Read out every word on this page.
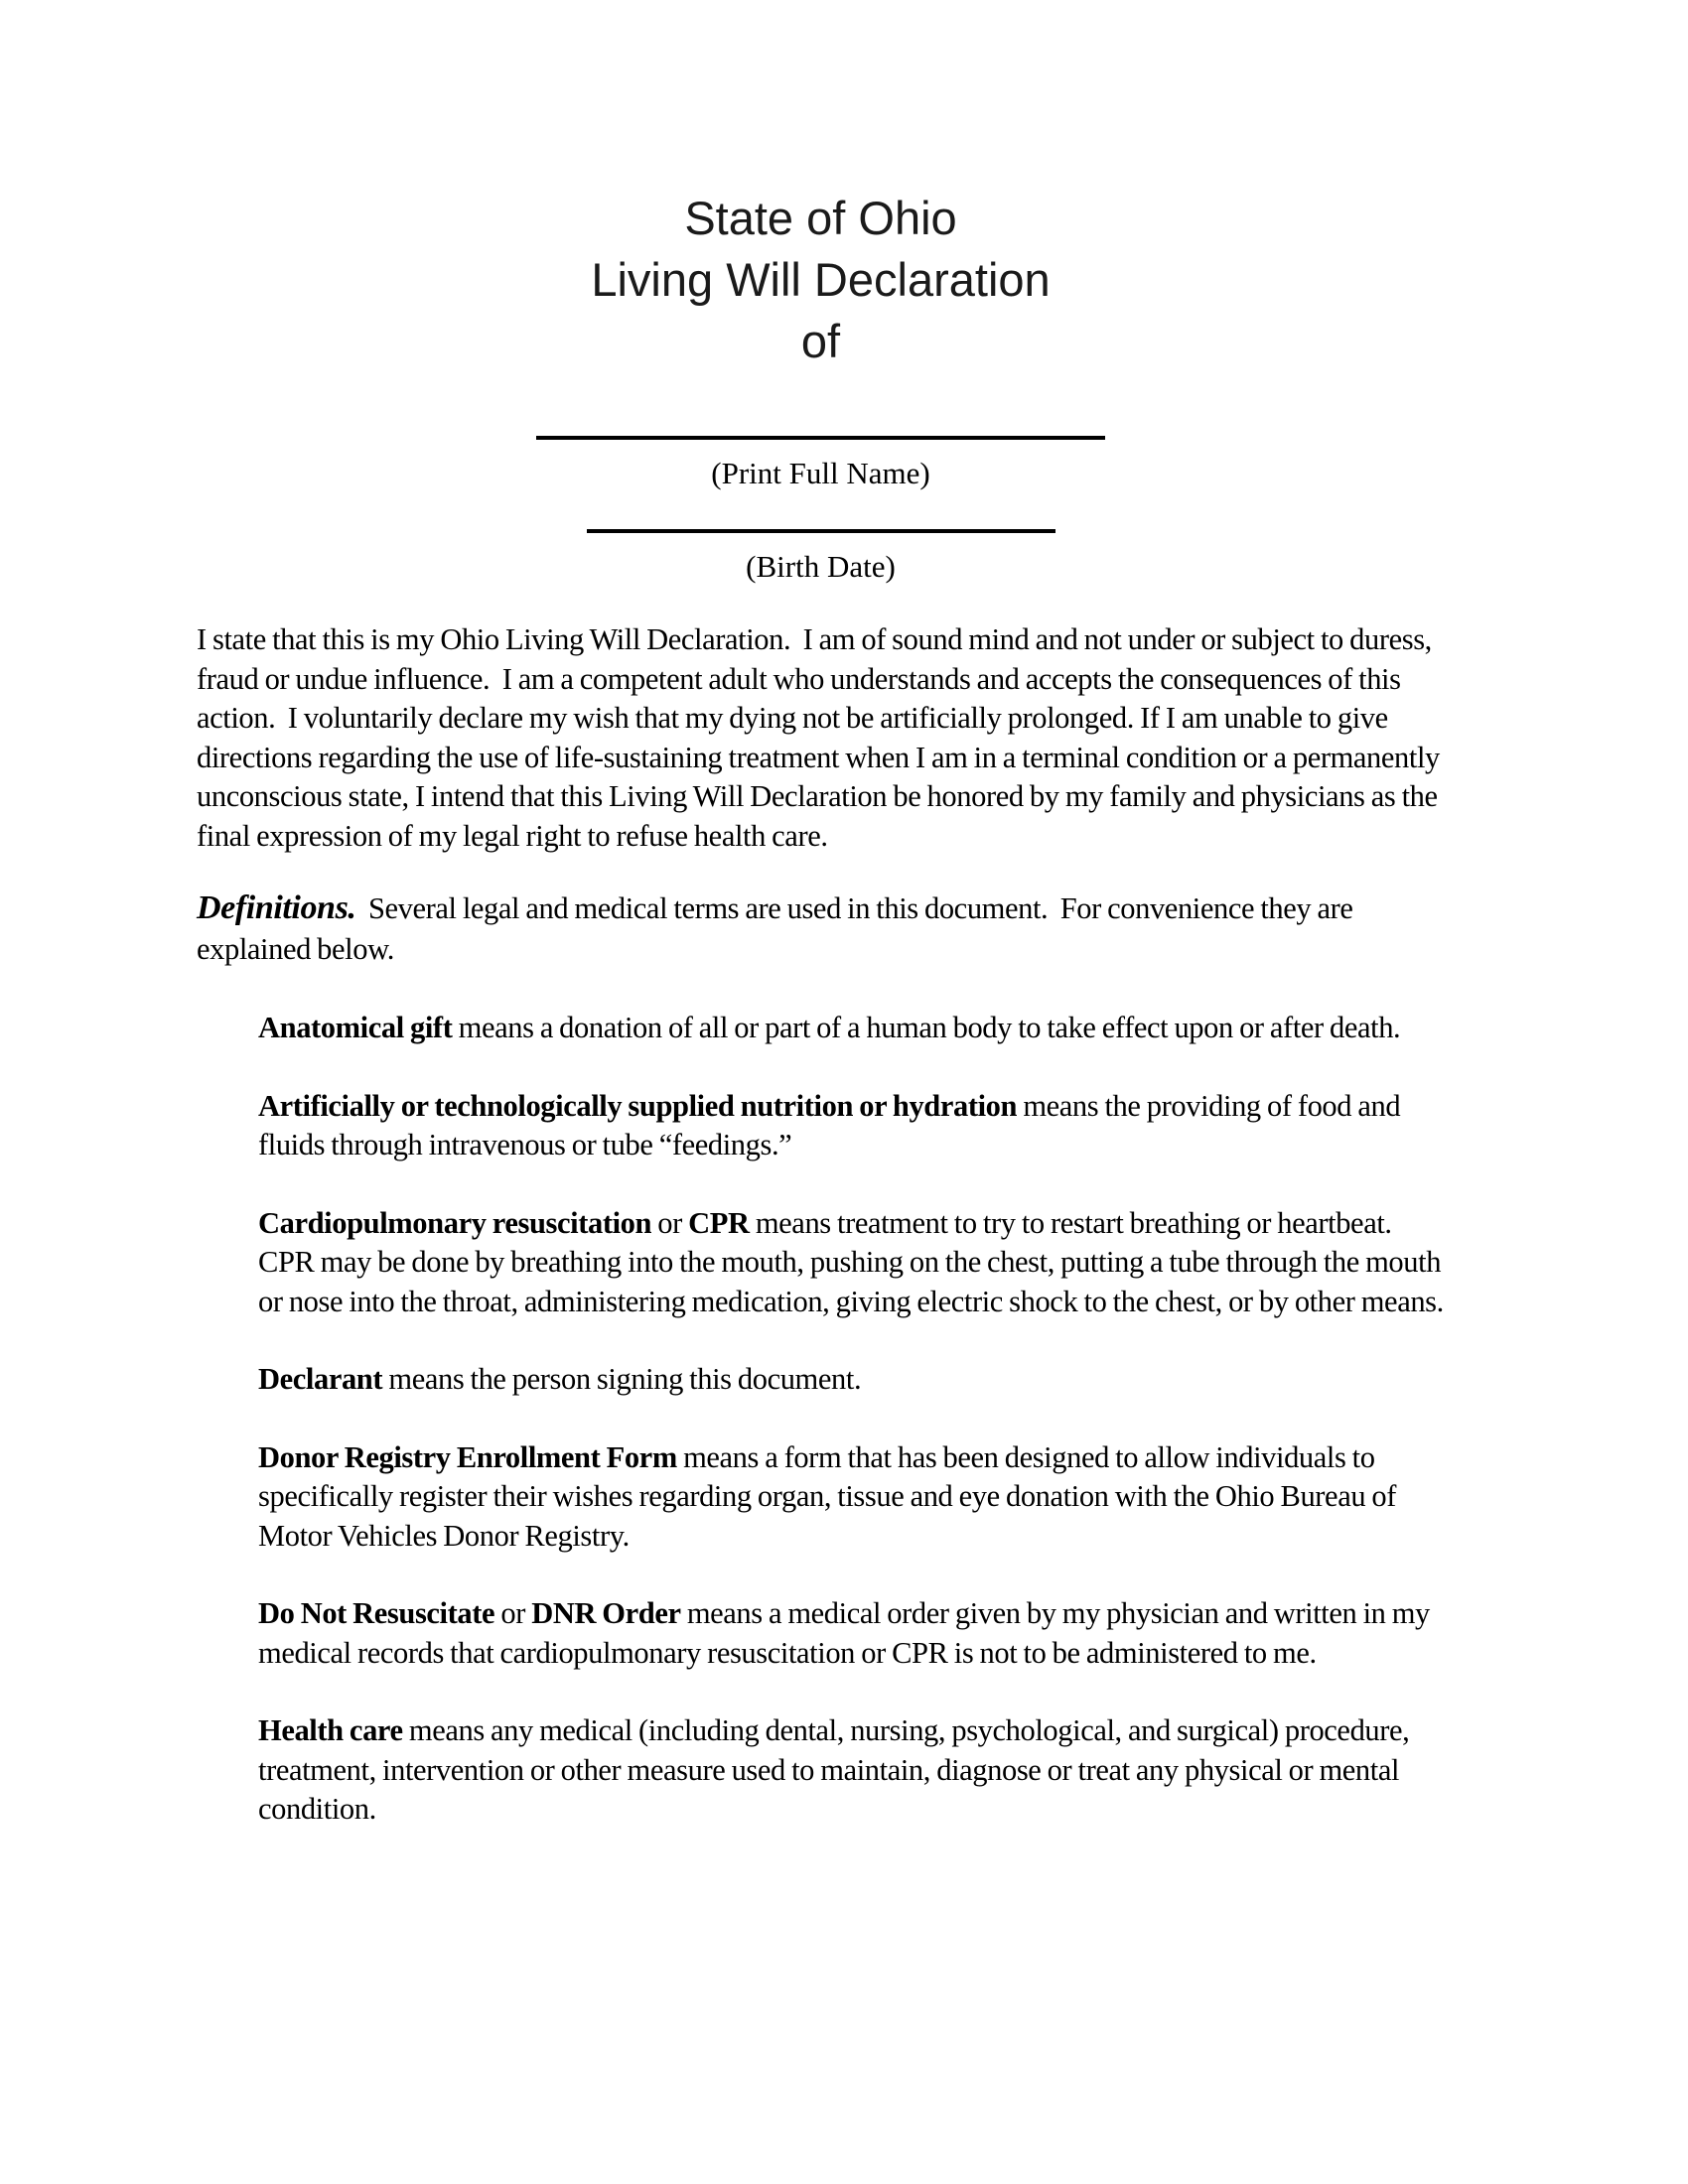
State of Ohio
Living Will Declaration
of
(Print Full Name)
(Birth Date)

I state that this is my Ohio Living Will Declaration.  I am of sound mind and not under or subject to duress, fraud or undue influence.  I am a competent adult who understands and accepts the consequences of this action.  I voluntarily declare my wish that my dying not be artificially prolonged. If I am unable to give directions regarding the use of life-sustaining treatment when I am in a terminal condition or a permanently unconscious state, I intend that this Living Will Declaration be honored by my family and physicians as the final expression of my legal right to refuse health care.

Definitions.  Several legal and medical terms are used in this document.  For convenience they are explained below.

Anatomical gift means a donation of all or part of a human body to take effect upon or after death.

Artificially or technologically supplied nutrition or hydration means the providing of food and fluids through intravenous or tube “feedings.”

Cardiopulmonary resuscitation or CPR means treatment to try to restart breathing or heartbeat.  CPR may be done by breathing into the mouth, pushing on the chest, putting a tube through the mouth or nose into the throat, administering medication, giving electric shock to the chest, or by other means.

Declarant means the person signing this document.

Donor Registry Enrollment Form means a form that has been designed to allow individuals to specifically register their wishes regarding organ, tissue and eye donation with the Ohio Bureau of Motor Vehicles Donor Registry.

Do Not Resuscitate or DNR Order means a medical order given by my physician and written in my medical records that cardiopulmonary resuscitation or CPR is not to be administered to me.

Health care means any medical (including dental, nursing, psychological, and surgical) procedure, treatment, intervention or other measure used to maintain, diagnose or treat any physical or mental condition.
